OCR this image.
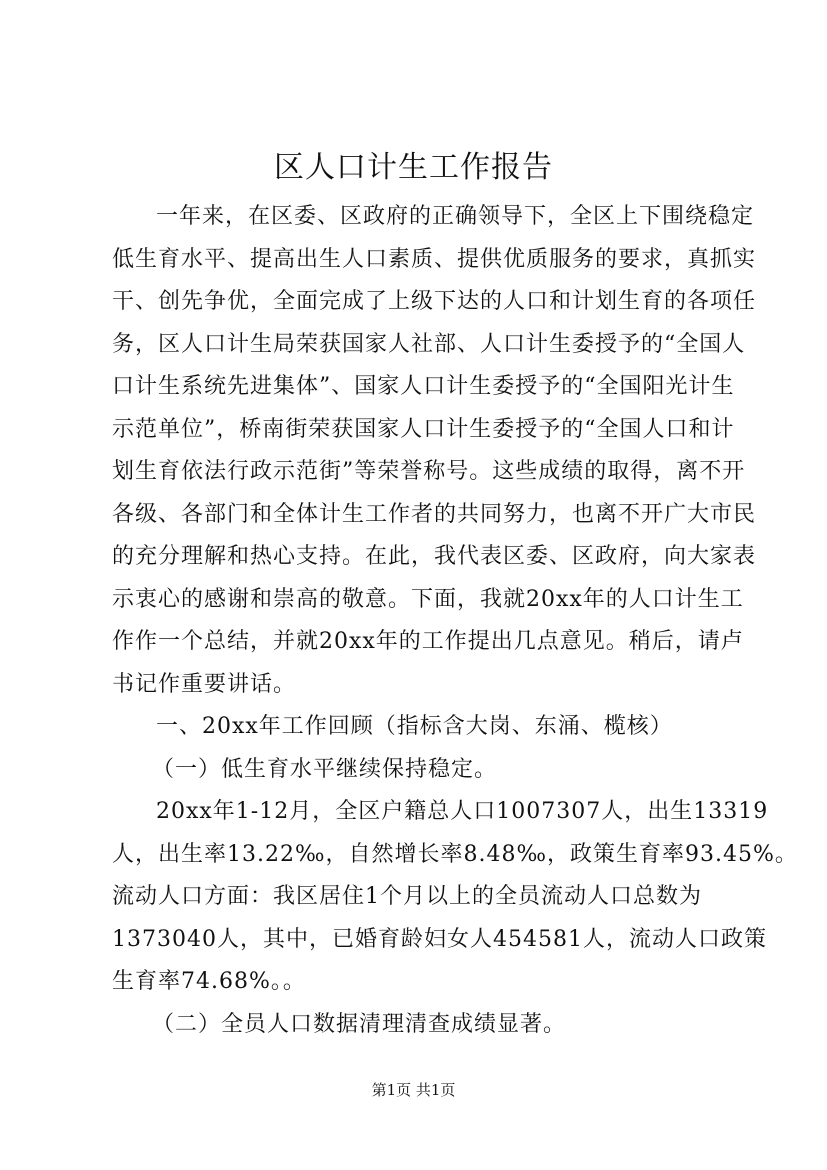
区人口计生工作报告
一年来，在区委、区政府的正确领导下，全区上下围绕稳定
低生育水平、提高出生人口素质、提供优质服务的要求，真抓实
干、创先争优，全面完成了上级下达的人口和计划生育的各项任
务，区人口计生局荣获国家人社部、人口计生委授予的“全国人
口计生系统先进集体”、国家人口计生委授予的“全国阳光计生
示范单位”，桥南街荣获国家人口计生委授予的“全国人口和计
划生育依法行政示范街”等荣誉称号。这些成绩的取得，离不开
各级、各部门和全体计生工作者的共同努力，也离不开广大市民
的充分理解和热心支持。在此，我代表区委、区政府，向大家表
示衷心的感谢和崇高的敬意。下面，我就20xx年的人口计生工
作作一个总结，并就20xx年的工作提出几点意见。稍后，请卢
书记作重要讲话。
一、20xx年工作回顾（指标含大岗、东涌、榄核）
（一）低生育水平继续保持稳定。
20xx年1-12月，全区户籍总人口1007307人，出生13319
人，出生率13.22‰，自然增长率8.48‰，政策生育率93.45%。
流动人口方面：我区居住1个月以上的全员流动人口总数为
1373040人，其中，已婚育龄妇女人454581人，流动人口政策
生育率74.68%。。
（二）全员人口数据清理清查成绩显著。
第1页 共1页
